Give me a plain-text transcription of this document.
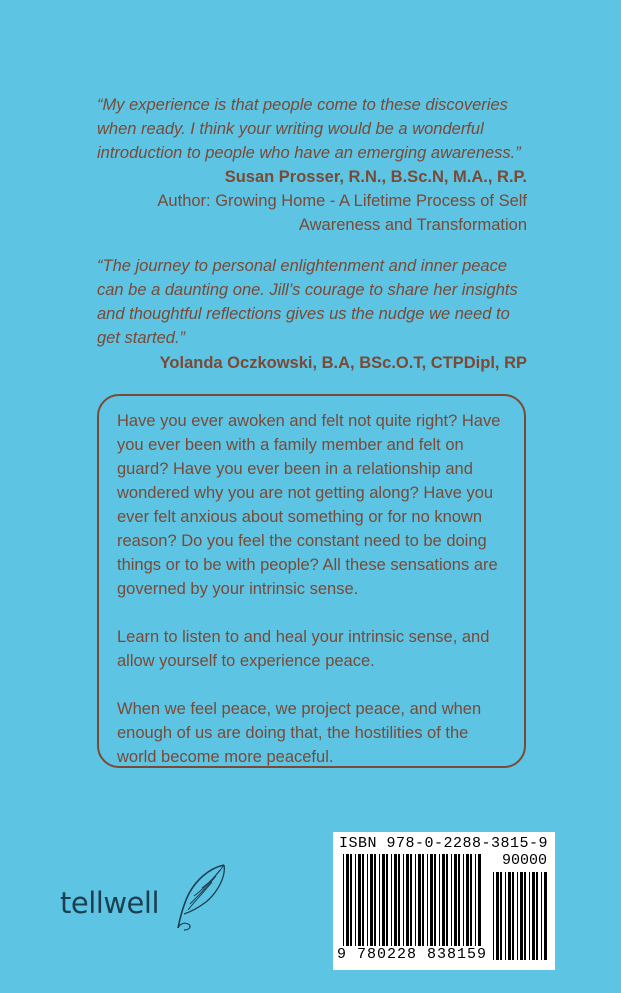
“My experience is that people come to these discoveries when ready. I think your writing would be a wonderful introduction to people who have an emerging awareness.”
Susan Prosser, R.N., B.Sc.N, M.A., R.P.
Author: Growing Home - A Lifetime Process of Self Awareness and Transformation
“The journey to personal enlightenment and inner peace can be a daunting one. Jill’s courage to share her insights and thoughtful reflections gives us the nudge we need to get started.”
Yolanda Oczkowski, B.A, BSc.O.T, CTPDipl, RP

Have you ever awoken and felt not quite right? Have you ever been with a family member and felt on guard? Have you ever been in a relationship and wondered why you are not getting along? Have you ever felt anxious about something or for no known reason? Do you feel the constant need to be doing things or to be with people? All these sensations are governed by your intrinsic sense.

Learn to listen to and heal your intrinsic sense, and allow yourself to experience peace.

When we feel peace, we project peace, and when enough of us are doing that, the hostilities of the world become more peaceful.

tellwell
ISBN 978-0-2288-3815-9
90000
9 780228 838159
